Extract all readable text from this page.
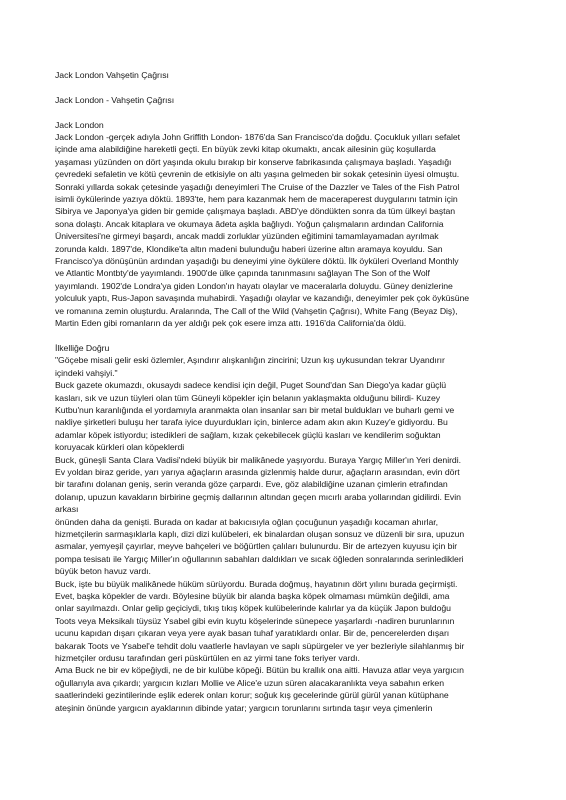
Jack London Vahşetin Çağrısı
Jack London - Vahşetin Çağrısı
Jack London
Jack London -gerçek adıyla John Griffith London- 1876'da San Francisco'da doğdu. Çocukluk yılları sefalet
içinde ama alabildiğine hareketli geçti. En büyük zevki kitap okumaktı, ancak ailesinin güç koşullarda
yaşaması yüzünden on dört yaşında okulu bırakıp bir konserve fabrikasında çalışmaya başladı. Yaşadığı
çevredeki sefaletin ve kötü çevrenin de etkisiyle on altı yaşına gelmeden bir sokak çetesinin üyesi olmuştu.
Sonraki yıllarda sokak çetesinde yaşadığı deneyimleri The Cruise of the Dazzler ve Tales of the Fish Patrol
isimli öykülerinde yazıya döktü. 1893'te, hem para kazanmak hem de maceraperest duygularını tatmin için
Sibirya ve Japonya'ya giden bir gemide çalışmaya başladı. ABD'ye döndükten sonra da tüm ülkeyi baştan
sona dolaştı. Ancak kitaplara ve okumaya âdeta aşkla bağlıydı. Yoğun çalışmaların ardından California
Üniversitesi'ne girmeyi başardı, ancak maddi zorluklar yüzünden eğitimini tamamlayamadan ayrılmak
zorunda kaldı. 1897'de, Klondike'ta altın madeni bulunduğu haberi üzerine altın aramaya koyuldu. San
Francisco'ya dönüşünün ardından yaşadığı bu deneyimi yine öykülere döktü. İlk öyküleri Overland Monthly
ve Atlantic Montbty'de yayımlandı. 1900'de ülke çapında tanınmasını sağlayan The Son of the Wolf
yayımlandı. 1902'de Londra'ya giden London'ın hayatı olaylar ve maceralarla doluydu. Güney denizlerine
yolculuk yaptı, Rus-Japon savaşında muhabirdi. Yaşadığı olaylar ve kazandığı, deneyimler pek çok öyküsüne
ve romanına zemin oluşturdu. Aralarında, The Call of the Wild (Vahşetin Çağrısı), White Fang (Beyaz Diş),
Martin Eden gibi romanların da yer aldığı pek çok esere imza attı. 1916'da California'da öldü.
İlkelliğe Doğru
"Göçebe misali gelir eski özlemler, Aşındırır alışkanlığın zincirini; Uzun kış uykusundan tekrar Uyandırır
içindeki vahşiyi."
Buck gazete okumazdı, okusaydı sadece kendisi için değil, Puget Sound'dan San Diego'ya kadar güçlü
kasları, sık ve uzun tüyleri olan tüm Güneyli köpekler için belanın yaklaşmakta olduğunu bilirdi- Kuzey
Kutbu'nun karanlığında el yordamıyla aranmakta olan insanlar sarı bir metal buldukları ve buharlı gemi ve
nakliye şirketleri buluşu her tarafa iyice duyurdukları için, binlerce adam akın akın Kuzey'e gidiyordu. Bu
adamlar köpek istiyordu; istedikleri de sağlam, kızak çekebilecek güçlü kasları ve kendilerim soğuktan
koruyacak kürkleri olan köpeklerdi
Buck, güneşli Santa Clara Vadisi'ndeki büyük bir malikânede yaşıyordu. Buraya Yargıç Miller'ın Yeri denirdi.
Ev yoldan biraz geride, yarı yarıya ağaçların arasında gizlenmiş halde durur, ağaçların arasından, evin dört
bir tarafını dolanan geniş, serin veranda göze çarpardı. Eve, göz alabildiğine uzanan çimlerin etrafından
dolanıp, upuzun kavakların birbirine geçmiş dallarının altından geçen mıcırlı araba yollarından gidilirdi. Evin
arkası
önünden daha da genişti. Burada on kadar at bakıcısıyla oğlan çocuğunun yaşadığı kocaman ahırlar,
hizmetçilerin sarmaşıklarla kaplı, dizi dizi kulübeleri, ek binalardan oluşan sonsuz ve düzenli bir sıra, upuzun
asmalar, yemyeşil çayırlar, meyve bahçeleri ve böğürtlen çalıları bulunurdu. Bir de artezyen kuyusu için bir
pompa tesisatı ile Yargıç Miller'ın oğullarının sabahları daldıkları ve sıcak öğleden sonralarında serinledikleri
büyük beton havuz vardı.
Buck, işte bu büyük malikânede hüküm sürüyordu. Burada doğmuş, hayatının dört yılını burada geçirmişti.
Evet, başka köpekler de vardı. Böylesine büyük bir alanda başka köpek olmaması mümkün değildi, ama
onlar sayılmazdı. Onlar gelip geçiciydi, tıkış tıkış köpek kulübelerinde kalırlar ya da küçük Japon buldoğu
Toots veya Meksikalı tüysüz Ysabel gibi evin kuytu köşelerinde sünepece yaşarlardı -nadiren burunlarının
ucunu kapıdan dışarı çıkaran veya yere ayak basan tuhaf yaratıklardı onlar. Bir de, pencerelerden dışarı
bakarak Toots ve Ysabel'e tehdit dolu vaatlerle havlayan ve saplı süpürgeler ve yer bezleriyle silahlanmış bir
hizmetçiler ordusu tarafından geri püskürtülen en az yirmi tane foks teriyer vardı.
Ama Buck ne bir ev köpeğiydi, ne de bir kulübe köpeği. Bütün bu krallık ona aitti. Havuza atlar veya yargıcın
oğullarıyla ava çıkardı; yargıcın kızları Mollie ve Alice'e uzun süren alacakaranlıkta veya sabahın erken
saatlerindeki gezintilerinde eşlik ederek onları korur; soğuk kış gecelerinde gürül gürül yanan kütüphane
ateşinin önünde yargıcın ayaklarının dibinde yatar; yargıcın torunlarını sırtında taşır veya çimenlerin
